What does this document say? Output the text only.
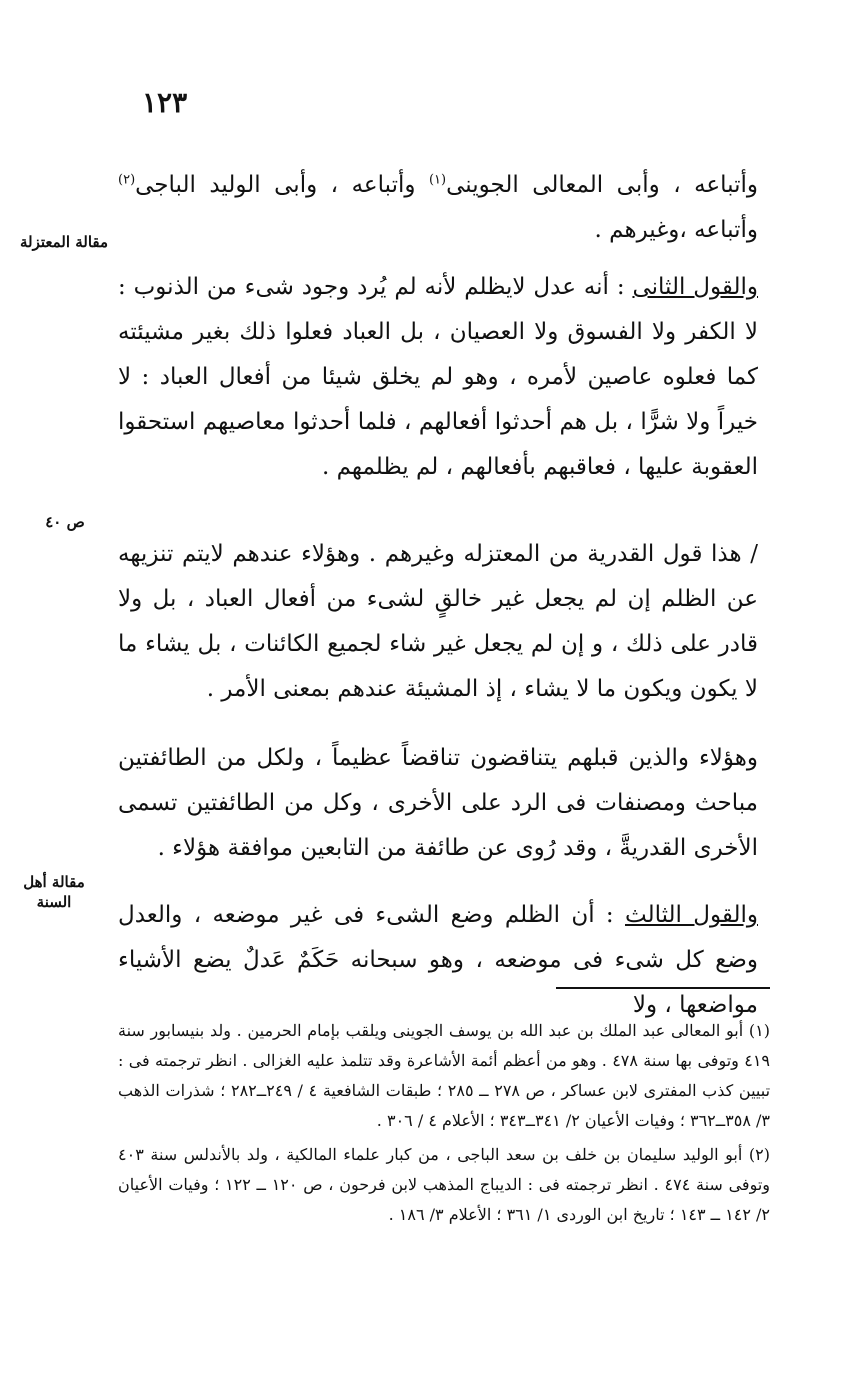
١٢٣
مقالة المعتزلة
ص ٤٠
مقالة أهل السنة

وأتباعه ، وأبى المعالى الجوينى$^{(١)}$ وأتباعه ، وأبى الوليد الباجى$^{(٢)}$ وأتباعه ،وغيرهم .

والقول الثانى : أنه عدل لايظلم لأنه لم يُرد وجود شىء من الذنوب : لا الكفر ولا الفسوق ولا العصيان ، بل العباد فعلوا ذلك بغير مشيئته كما فعلوه عاصين لأمره ، وهو لم يخلق شيئا من أفعال العباد : لا خيراً ولا شرًّا ، بل هم أحدثوا أفعالهم ، فلما أحدثوا معاصيهم استحقوا العقوبة عليها ، فعاقبهم بأفعالهم ، لم يظلمهم .

/ هذا قول القدرية من المعتزله وغيرهم . وهؤلاء عندهم لايتم تنزيهه عن الظلم إن لم يجعل غير خالقٍ لشىء من أفعال العباد ، بل ولا قادر على ذلك ، و إن لم يجعل غير شاء لجميع الكائنات ، بل يشاء ما لا يكون ويكون ما لا يشاء ، إذ المشيئة عندهم بمعنى الأمر .

وهؤلاء والذين قبلهم يتناقضون تناقضاً عظيماً ، ولكل من الطائفتين مباحث ومصنفات فى الرد على الأخرى ، وكل من الطائفتين تسمى الأخرى القدريةَّ ، وقد رُوى عن طائفة من التابعين موافقة هؤلاء .

والقول الثالث : أن الظلم وضع الشىء فى غير موضعه ، والعدل وضع كل شىء فى موضعه ، وهو سبحانه حَكَمٌ عَدلٌ يضع الأشياء مواضعها ، ولا

(١) أبو المعالى عبد الملك بن عبد الله بن يوسف الجوينى ويلقب بإمام الحرمين . ولد بنيسابور سنة ٤١٩ وتوفى بها سنة ٤٧٨ . وهو من أعظم أئمة الأشاعرة وقد تتلمذ عليه الغزالى . انظر ترجمته فى : تبيين كذب المفترى لابن عساكر ، ص ٢٧٨ ــ ٢٨٥ ؛ طبقات الشافعية ٤ / ٢٤٩ــ٢٨٢ ؛ شذرات الذهب ٣/ ٣٥٨ــ٣٦٢ ؛ وفيات الأعيان ٢/ ٣٤١ــ٣٤٣ ؛ الأعلام ٤ / ٣٠٦ .

(٢) أبو الوليد سليمان بن خلف بن سعد الباجى ، من كبار علماء المالكية ، ولد بالأندلس سنة ٤٠٣ وتوفى سنة ٤٧٤ . انظر ترجمته فى : الديباج المذهب لابن فرحون ، ص ١٢٠ ــ ١٢٢ ؛ وفيات الأعيان ٢/ ١٤٢ ــ ١٤٣ ؛ تاريخ ابن الوردى ١/ ٣٦١ ؛ الأعلام ٣/ ١٨٦ .
